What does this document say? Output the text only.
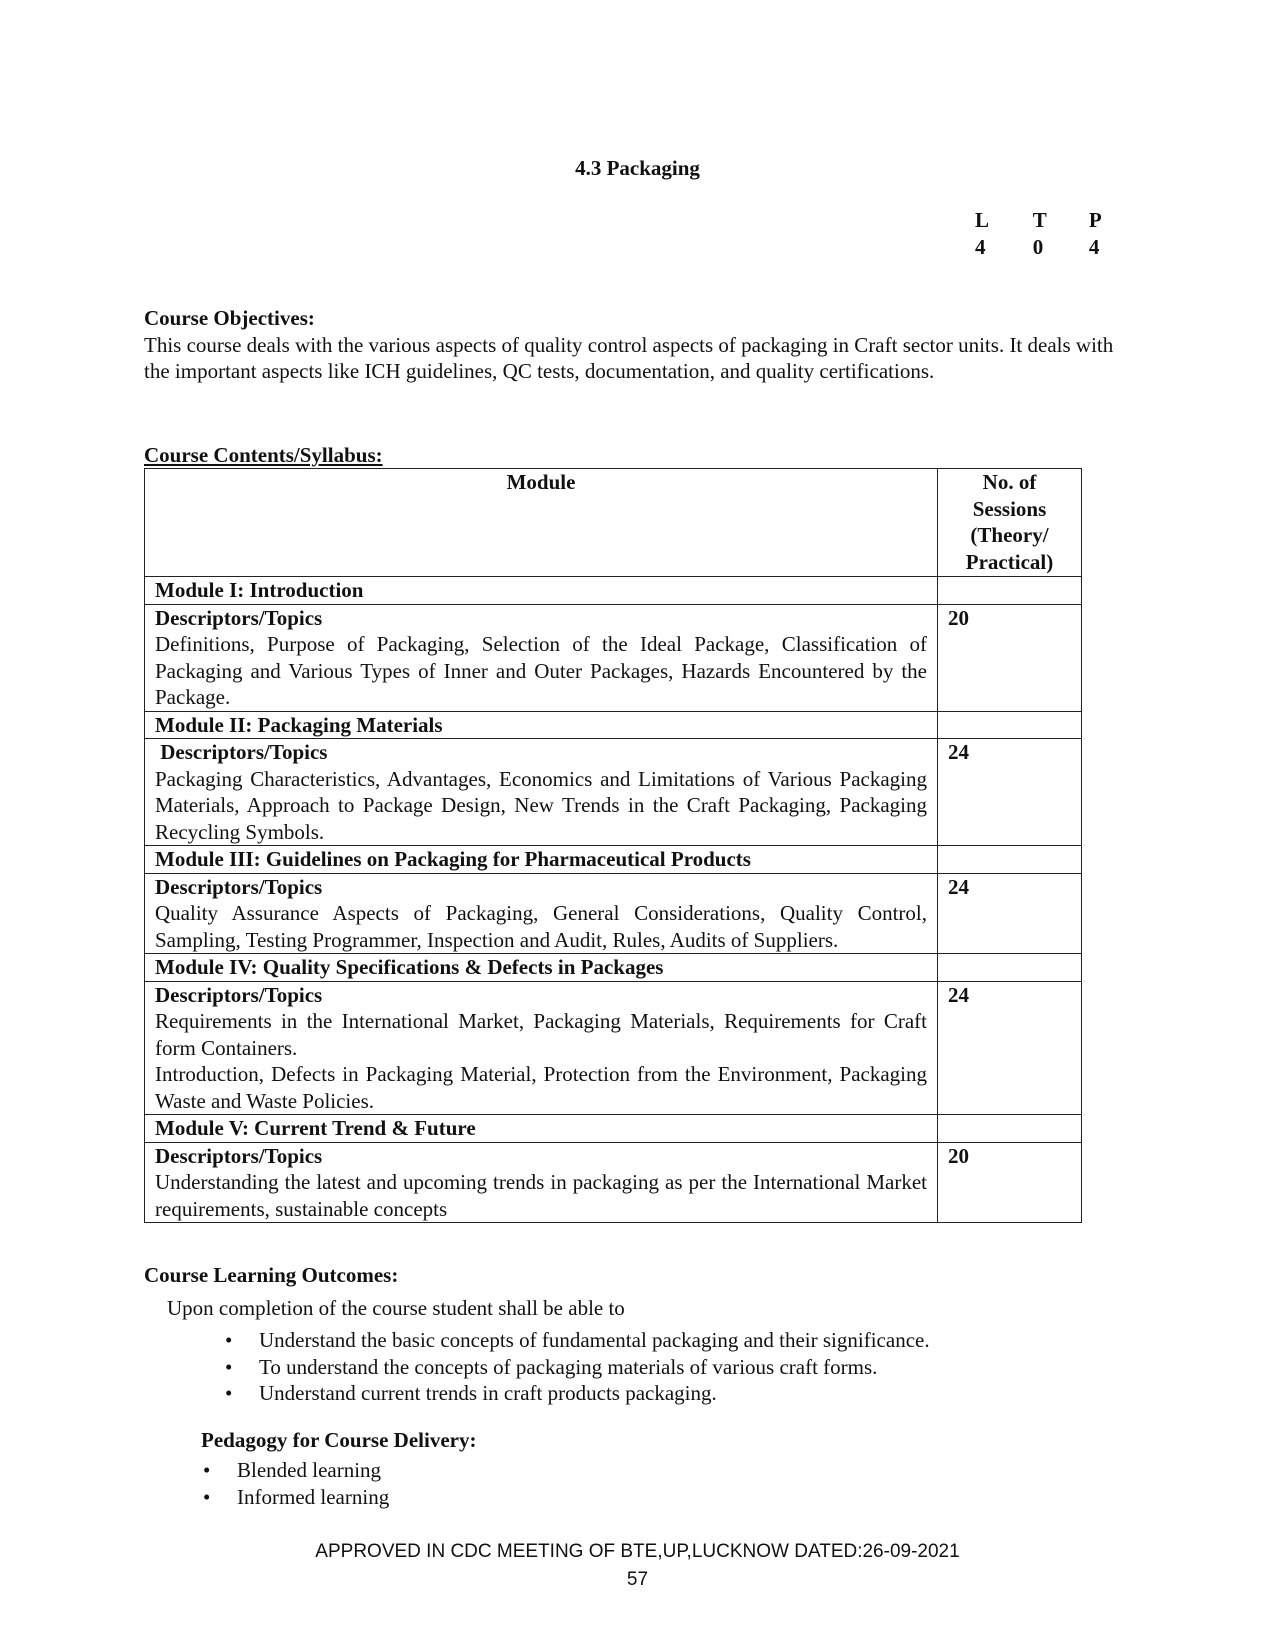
4.3 Packaging
L	T	P
4	0	4
Course Objectives:
This course deals with the various aspects of quality control aspects of packaging in Craft sector units. It deals with the important aspects like ICH guidelines, QC tests, documentation, and quality certifications.
Course Contents/Syllabus:
Module	No. of Sessions (Theory/ Practical)
Module I: Introduction	

Descriptors/Topics
Definitions, Purpose of Packaging, Selection of the Ideal Package, Classification of Packaging and Various Types of Inner and Outer Packages, Hazards Encountered by the Package.	20
Module II: Packaging Materials	

Descriptors/Topics
Packaging Characteristics, Advantages, Economics and Limitations of Various Packaging Materials, Approach to Package Design, New Trends in the Craft Packaging, Packaging Recycling Symbols.	24
Module III: Guidelines on Packaging for Pharmaceutical Products	

Descriptors/Topics
Quality Assurance Aspects of Packaging, General Considerations, Quality Control, Sampling, Testing Programmer, Inspection and Audit, Rules, Audits of Suppliers.	24
Module IV: Quality Specifications & Defects in Packages	

Descriptors/Topics
Requirements in the International Market, Packaging Materials, Requirements for Craft form Containers.
Introduction, Defects in Packaging Material, Protection from the Environment, Packaging Waste and Waste Policies.	24
Module V: Current Trend & Future	

Descriptors/Topics
Understanding the latest and upcoming trends in packaging as per the International Market requirements, sustainable concepts	20
Course Learning Outcomes:
Upon completion of the course student shall be able to
• Understand the basic concepts of fundamental packaging and their significance.
• To understand the concepts of packaging materials of various craft forms.
• Understand current trends in craft products packaging.
Pedagogy for Course Delivery:
• Blended learning
• Informed learning
APPROVED IN CDC MEETING OF BTE,UP,LUCKNOW DATED:26-09-2021
57
